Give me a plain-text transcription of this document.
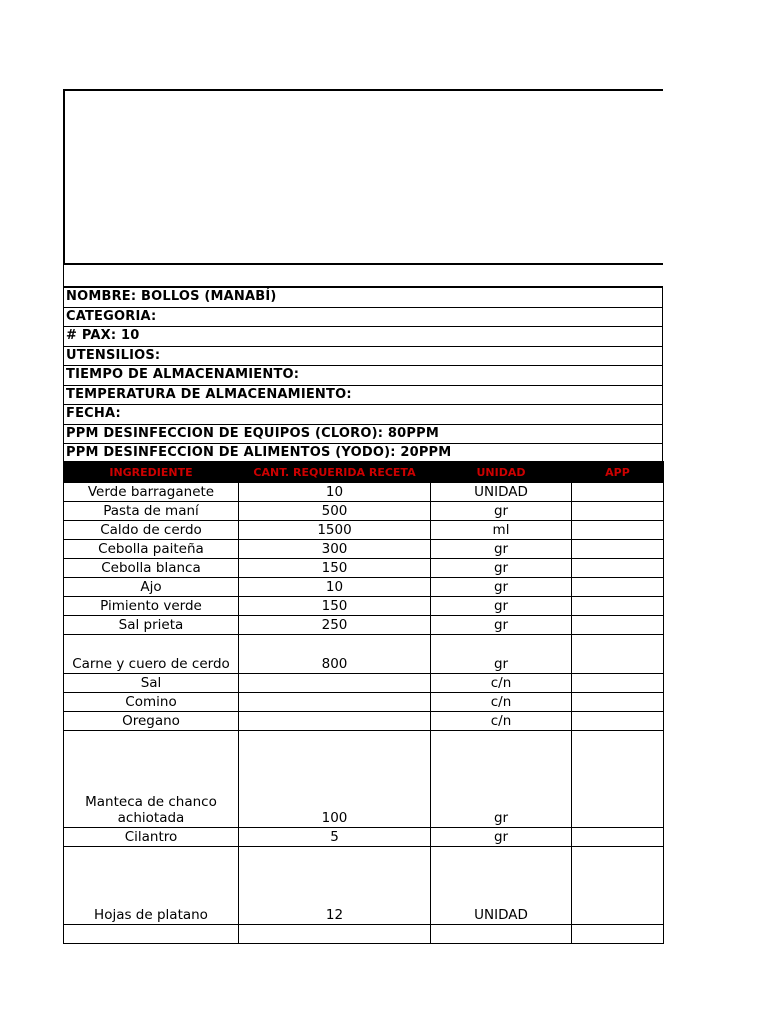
NOMBRE: BOLLOS (MANABÍ)
CATEGORIA:
# PAX: 10
UTENSILIOS:
TIEMPO DE ALMACENAMIENTO:
TEMPERATURA DE ALMACENAMIENTO:
FECHA:
PPM DESINFECCION DE EQUIPOS (CLORO): 80PPM
PPM DESINFECCION DE ALIMENTOS (YODO): 20PPM
INGREDIENTE	CANT. REQUERIDA RECETA	UNIDAD	APP
Verde barraganete	10	UNIDAD	
Pasta de maní	500	gr	
Caldo de cerdo	1500	ml	
Cebolla paiteña	300	gr	
Cebolla blanca	150	gr	
Ajo	10	gr	
Pimiento verde	150	gr	
Sal prieta	250	gr	
Carne y cuero de cerdo	800	gr	
Sal		c/n	
Comino		c/n	
Oregano		c/n	
Manteca de chanco achiotada	100	gr	
Cilantro	5	gr	
Hojas de platano	12	UNIDAD	
